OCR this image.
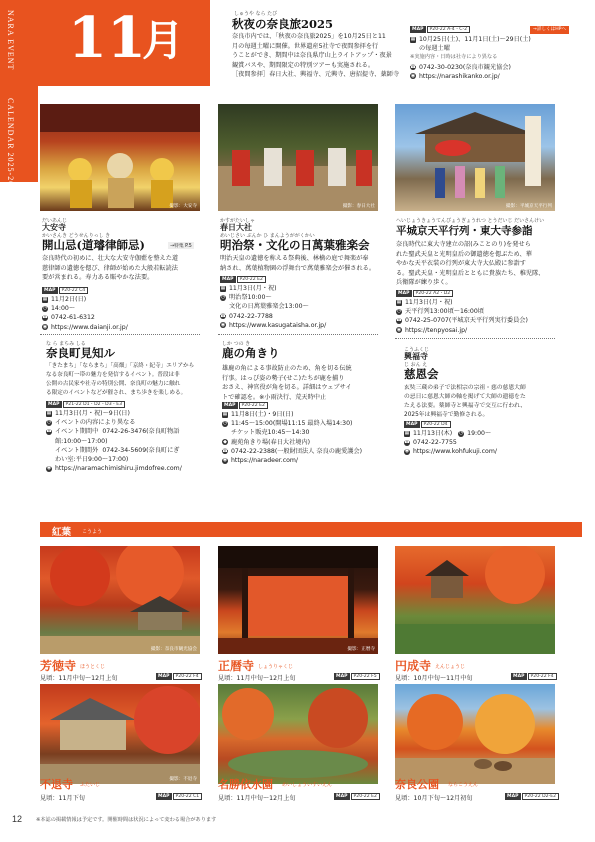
NARA EVENT
CALENDAR 2025-2026
11
月
しゅうや なら たび
秋夜の奈良旅2025
奈良市内では、「秋夜の奈良旅2025」を10月25日と11
月の毎週土曜に開催。世界遺産5社寺で夜間参拝を行
うことができ、期間中は奈良県庁山上ライトアップ・夜景
観賞バスや、期間限定の特別ツアーも実施される。
［夜間参拝］春日大社、興福寺、元興寺、唐招提寺、薬師寺
→詳しくはHPへ
MAP	P20-22 A-4・C-2
▦ 10月25日(土)、11月1日(土)〜29日(土)
の毎週土曜
※実施内容・日時は社寺により異なる
☎ 0742-30-0230(奈良市観光協会)
◉ https://narashikanko.or.jp/
撮影：大安寺	撮影：春日大社	撮影：平城京天平行列
だいあんじ
大安寺
かいさんき どうせんりっし き
開山忌(道璿律師忌)	→特集 P.5
奈良時代の初めに、壮大な大安寺伽藍を整えた道
慈律師の遺徳を偲び、律師が始めた大般若転読法
要が営まれる。寿力ある賑やかな法要。
MAP	P20-22 C4
▦ 11月2日(日)
◷ 14:00〜
☎ 0742-61-6312
◉ https://www.daianji.or.jp/
かすがたいしゃ
春日大社
めいじさい ぶんか ひ まんようががくかい
明治祭・文化の日萬葉雅楽会
明治天皇の遺徳を称える祭典後、林檎の庭で舞楽が奉
納され、萬葉植物園の浮舞台で萬葉雅楽会が催される。
MAP	P20-22 E2
▦ 11月3日(月・祝)
◷ 明治祭10:00〜
文化の日萬葉雅楽会13:00〜
☎ 0742-22-7788
◉ https://www.kasugataisha.or.jp/
へいじょうきょうてんぴょうぎょうれつ とうだいじ だいさんけい
平城京天平行列・東大寺参詣
奈良時代に東大寺建立の詔(みことのり)を発せら
れた聖武天皇と光明皇后の御遺徳を偲ぶため、華
やかな天平衣装の行列が東大寺大仏殿に参詣す
る。聖武天皇・光明皇后とともに貴族たち、稚児隊、
兵衛隊が練り歩く。
MAP	P20-22 A2・D2
▦ 11月3日(月・祝)
◷ 天平行列13:00頃〜16:00頃
☎ 0742-25-0707(平城京天平行列実行委員会)
◉ https://tenpyosai.jp/
な ら まちみ しる
奈良町見知ル
「きたまち」「ならまち」「高畑」「京終・紀寺」エリアから
なる奈良町一帯の魅力を発信するイベント。普段は非
公開の古民家や社寺の特別公開、奈良町の魅力に触れ
る限定のイベントなどが催され、まち歩きを楽しめる。
MAP	P21-22 D1・D2・D3・E3
▦ 11月3日(月・祝)〜9日(日)
◷ イベントの内容により異なる
☎ イベント期間中 0742-26-3476(奈良町物語
館:10:00〜17:00)
イベント期間外 0742-34-5609(奈良町にぎ
わい室:平日9:00〜17:00)
◉ https://naramachimishiru.jimdofree.com/
しか つの き
鹿の角きり
雄鹿の角による事故防止のため、角を切る伝統
行事。はっぴ姿の勢子(せこ)たちが鹿を捕り
おさえ、神官役が角を切る。詳細はウェブサイ
トで確認を。※小雨決行、荒天時中止
MAP	P20-22 E2
▦ 11月8日(土)・9日(日)
◷ 11:45〜15:00(開場11:15 最終入場14:30)
チケット販売10:45〜14:30
◆ 鹿苑角きり場(春日大社境内)
☎ 0742-22-2388(一般財団法人 奈良の鹿愛護会)
◉ https://naradeer.com/
こうふくじ
興福寺
じ おん え
慈恩会
玄奘三蔵の弟子で法相宗の宗祖・慈の慈恩大師
の忌日に慈恩大師の軸を掲げて大師の遺徳をた
たえる法要。薬師寺と興福寺で交互に行われ、
2025年は興福寺で勤修される。
MAP	P20-22 D4
▦ 11月13日(木) ◷ 19:00〜
☎ 0742-22-7755
◉ https://www.kohfukuji.com/
紅葉 こうよう	»
撮影：奈良市観光協会	撮影：正暦寺
芳徳寺 ほうとくじ
見頃：11月中旬〜12月上旬	MAP	P20-22 F4
正暦寺 しょうりゃくじ
見頃：11月中旬〜12月上旬	MAP	P20-22 F5
円成寺 えんじょうじ
見頃：10月中旬〜11月中旬	MAP	P20-22 F4
撮影：不退寺
不退寺 ふたいじ
見頃：11月下旬	MAP	P20-22 C1
名勝依水園 めいしょういすいえん
見頃：11月中旬〜12月上旬	MAP	P20-22 E2
奈良公園 ならこうえん
見頃：10月下旬〜12月初旬	MAP	P20-22 D2-E2
12	※本誌の掲載情報は予定です。開催時間は状況によって変わる場合があります
